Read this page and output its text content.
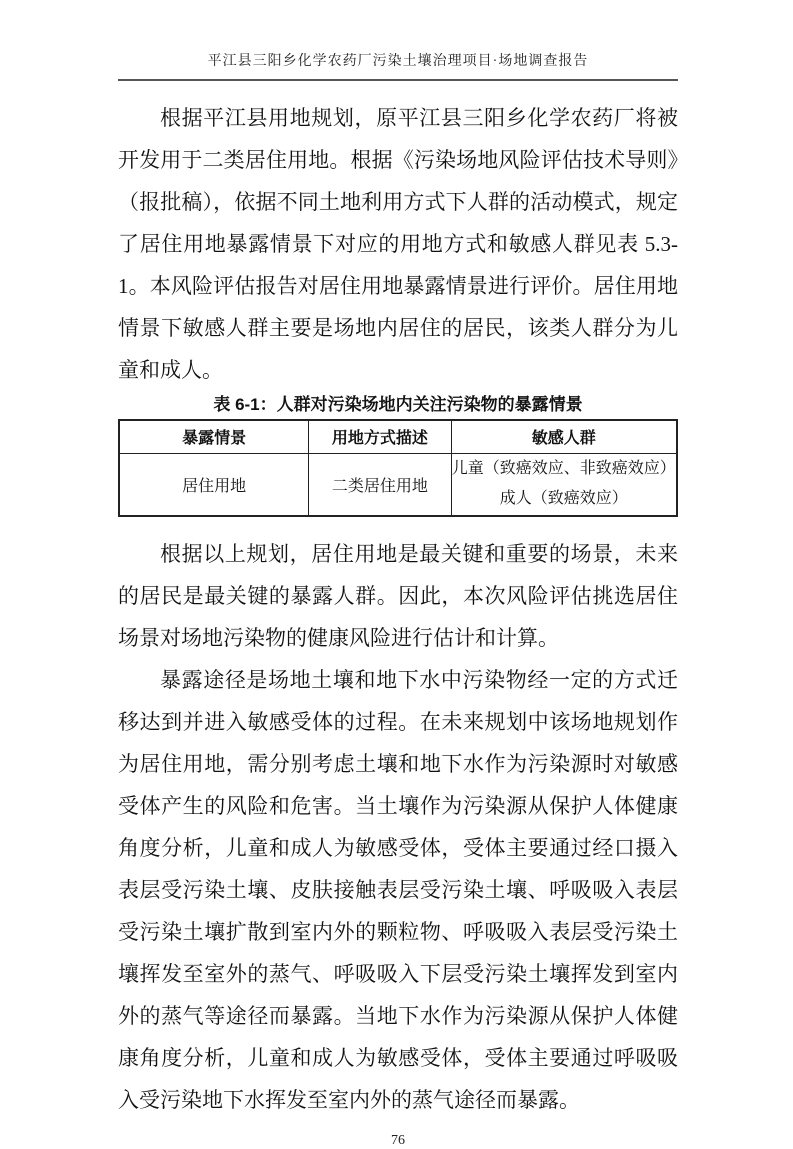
平江县三阳乡化学农药厂污染土壤治理项目·场地调查报告

根据平江县用地规划，原平江县三阳乡化学农药厂将被开发用于二类居住用地。根据《污染场地风险评估技术导则》（报批稿），依据不同土地利用方式下人群的活动模式，规定了居住用地暴露情景下对应的用地方式和敏感人群见表 5.3-1。本风险评估报告对居住用地暴露情景进行评价。居住用地情景下敏感人群主要是场地内居住的居民，该类人群分为儿童和成人。

表 6-1：人群对污染场地内关注污染物的暴露情景
暴露情景	用地方式描述	敏感人群
居住用地	二类居住用地	儿童（致癌效应、非致癌效应）
成人（致癌效应）

根据以上规划，居住用地是最关键和重要的场景，未来的居民是最关键的暴露人群。因此，本次风险评估挑选居住场景对场地污染物的健康风险进行估计和计算。

暴露途径是场地土壤和地下水中污染物经一定的方式迁移达到并进入敏感受体的过程。在未来规划中该场地规划作为居住用地，需分别考虑土壤和地下水作为污染源时对敏感受体产生的风险和危害。当土壤作为污染源从保护人体健康角度分析，儿童和成人为敏感受体，受体主要通过经口摄入表层受污染土壤、皮肤接触表层受污染土壤、呼吸吸入表层受污染土壤扩散到室内外的颗粒物、呼吸吸入表层受污染土壤挥发至室外的蒸气、呼吸吸入下层受污染土壤挥发到室内外的蒸气等途径而暴露。当地下水作为污染源从保护人体健康角度分析，儿童和成人为敏感受体，受体主要通过呼吸吸入受污染地下水挥发至室内外的蒸气途径而暴露。

76
